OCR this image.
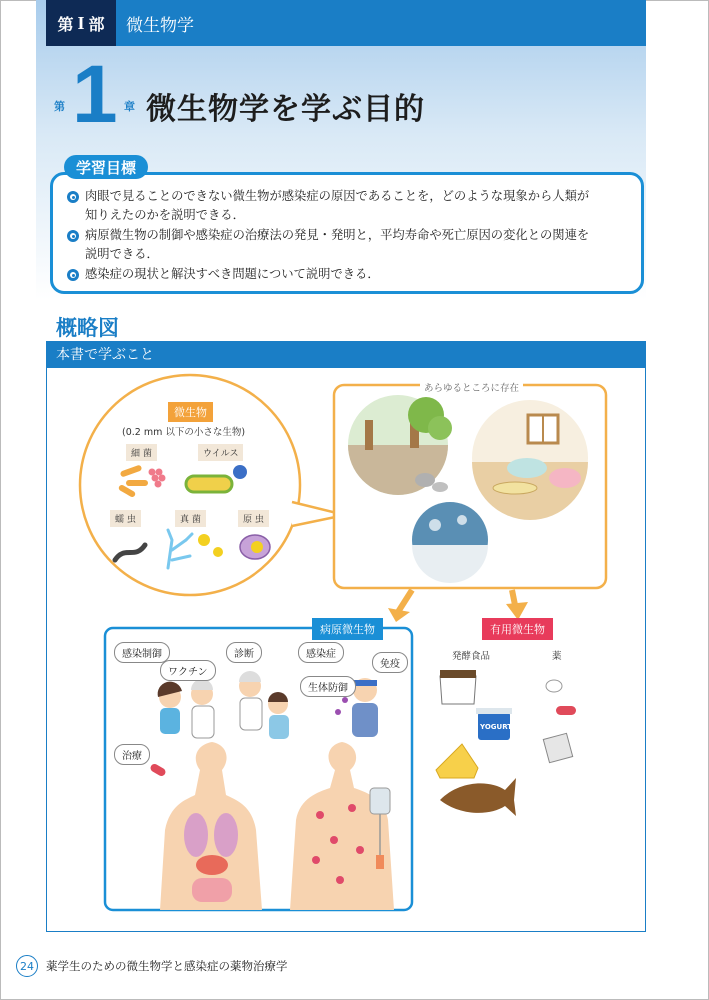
第 I 部	微生物学
第 1 章 微生物学を学ぶ目的
肉眼で見ることのできない微生物が感染症の原因であることを，どのような現象から人類が
知りえたのかを説明できる．
病原微生物の制御や感染症の治療法の発見・発明と，平均寿命や死亡原因の変化との関連を
説明できる．
感染症の現状と解決すべき問題について説明できる．
学習目標
概略図
本書で学ぶこと
微生物
(0.2 mm 以下の小さな生物)
細 菌	ウイルス
蠕 虫	真 菌	原 虫
あらゆるところに存在
病原微生物
感染制御
ワクチン
診断	感染症
免疫
生体防御
治療
有用微生物
発酵食品	薬
YOGURT
24	薬学生のための微生物学と感染症の薬物治療学
